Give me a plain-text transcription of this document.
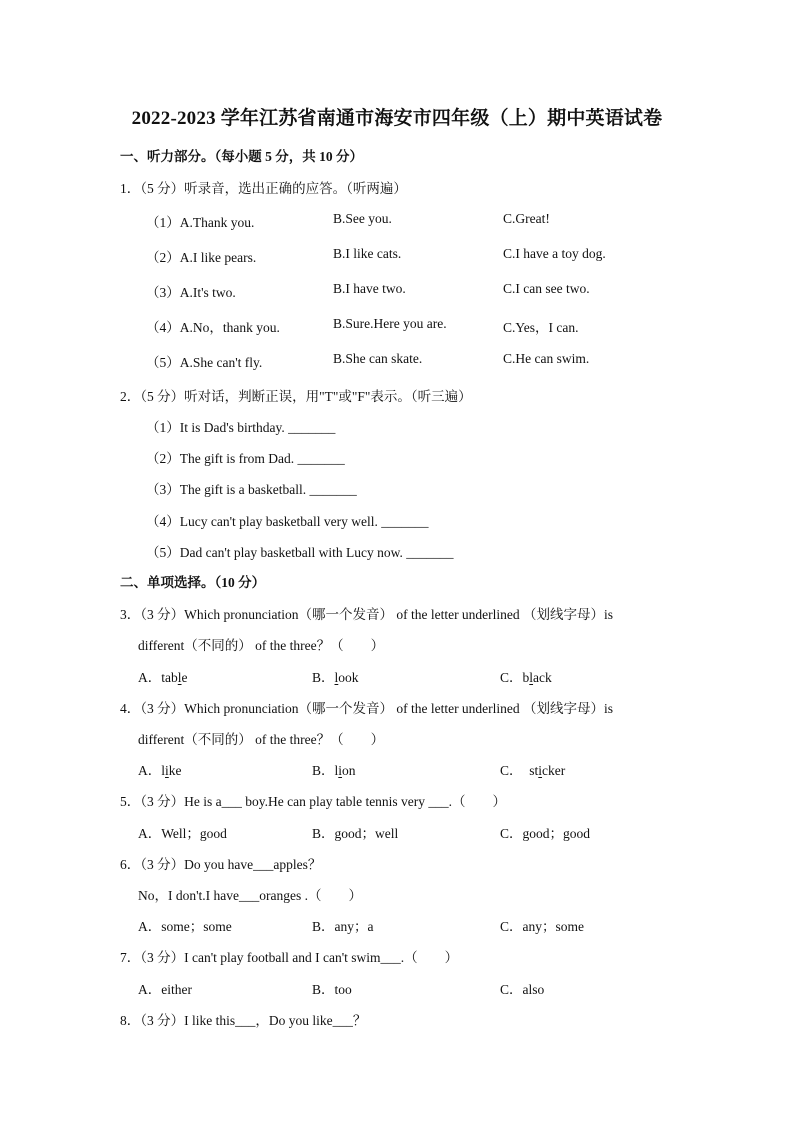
2022-2023 学年江苏省南通市海安市四年级（上）期中英语试卷
一、听力部分。（每小题 5 分，共 10 分）
1．（5 分）听录音，选出正确的应答。（听两遍）
（1）A.Thank you.	B.See you.	C.Great!
（2）A.I like pears.	B.I like cats.	C.I have a toy dog.
（3）A.It's two.	B.I have two.	C.I can see two.
（4）A.No，thank you.	B.Sure.Here you are.	C.Yes，I can.
（5）A.She can't fly.	B.She can skate.	C.He can swim.
2．（5 分）听对话，判断正误，用"T"或"F"表示。（听三遍）
（1）It is Dad's birthday. _______
（2）The gift is from Dad. _______
（3）The gift is a basketball. _______
（4）Lucy can't play basketball very well. _______
（5）Dad can't play basketball with Lucy now. _______
二、单项选择。（10 分）
3．（3 分）Which pronunciation（哪一个发音） of the letter underlined （划线字母）is
different（不同的） of the three？（　　）
A．table	B．look	C．black
4．（3 分）Which pronunciation（哪一个发音） of the letter underlined （划线字母）is
different（不同的） of the three？（　　）
A．like	B．lion	C．  sticker
5．（3 分）He is a___ boy.He can play table tennis very ___.（　　）
A．Well；good	B．good；well	C．good；good
6．（3 分）Do you have___apples？
No，I don't.I have___oranges .（　　）
A．some；some	B．any；a	C．any；some
7．（3 分）I can't play football and I can't swim___.（　　）
A．either	B．too	C．also
8．（3 分）I like this___，Do you like___？
